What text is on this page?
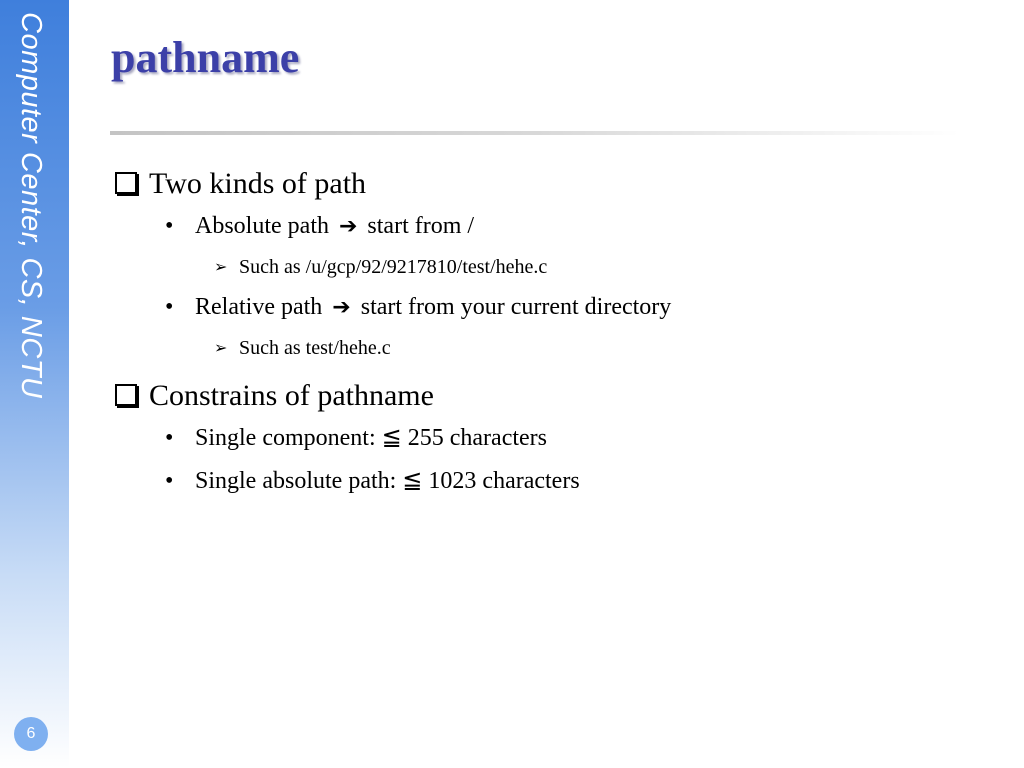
Computer Center, CS, NCTU
6
pathname
Two kinds of path
• Absolute path ➔ start from /
➢ Such as /u/gcp/92/9217810/test/hehe.c
• Relative path ➔ start from your current directory
➢ Such as test/hehe.c
Constrains of pathname
• Single component: ≦ 255 characters
• Single absolute path: ≦ 1023 characters
